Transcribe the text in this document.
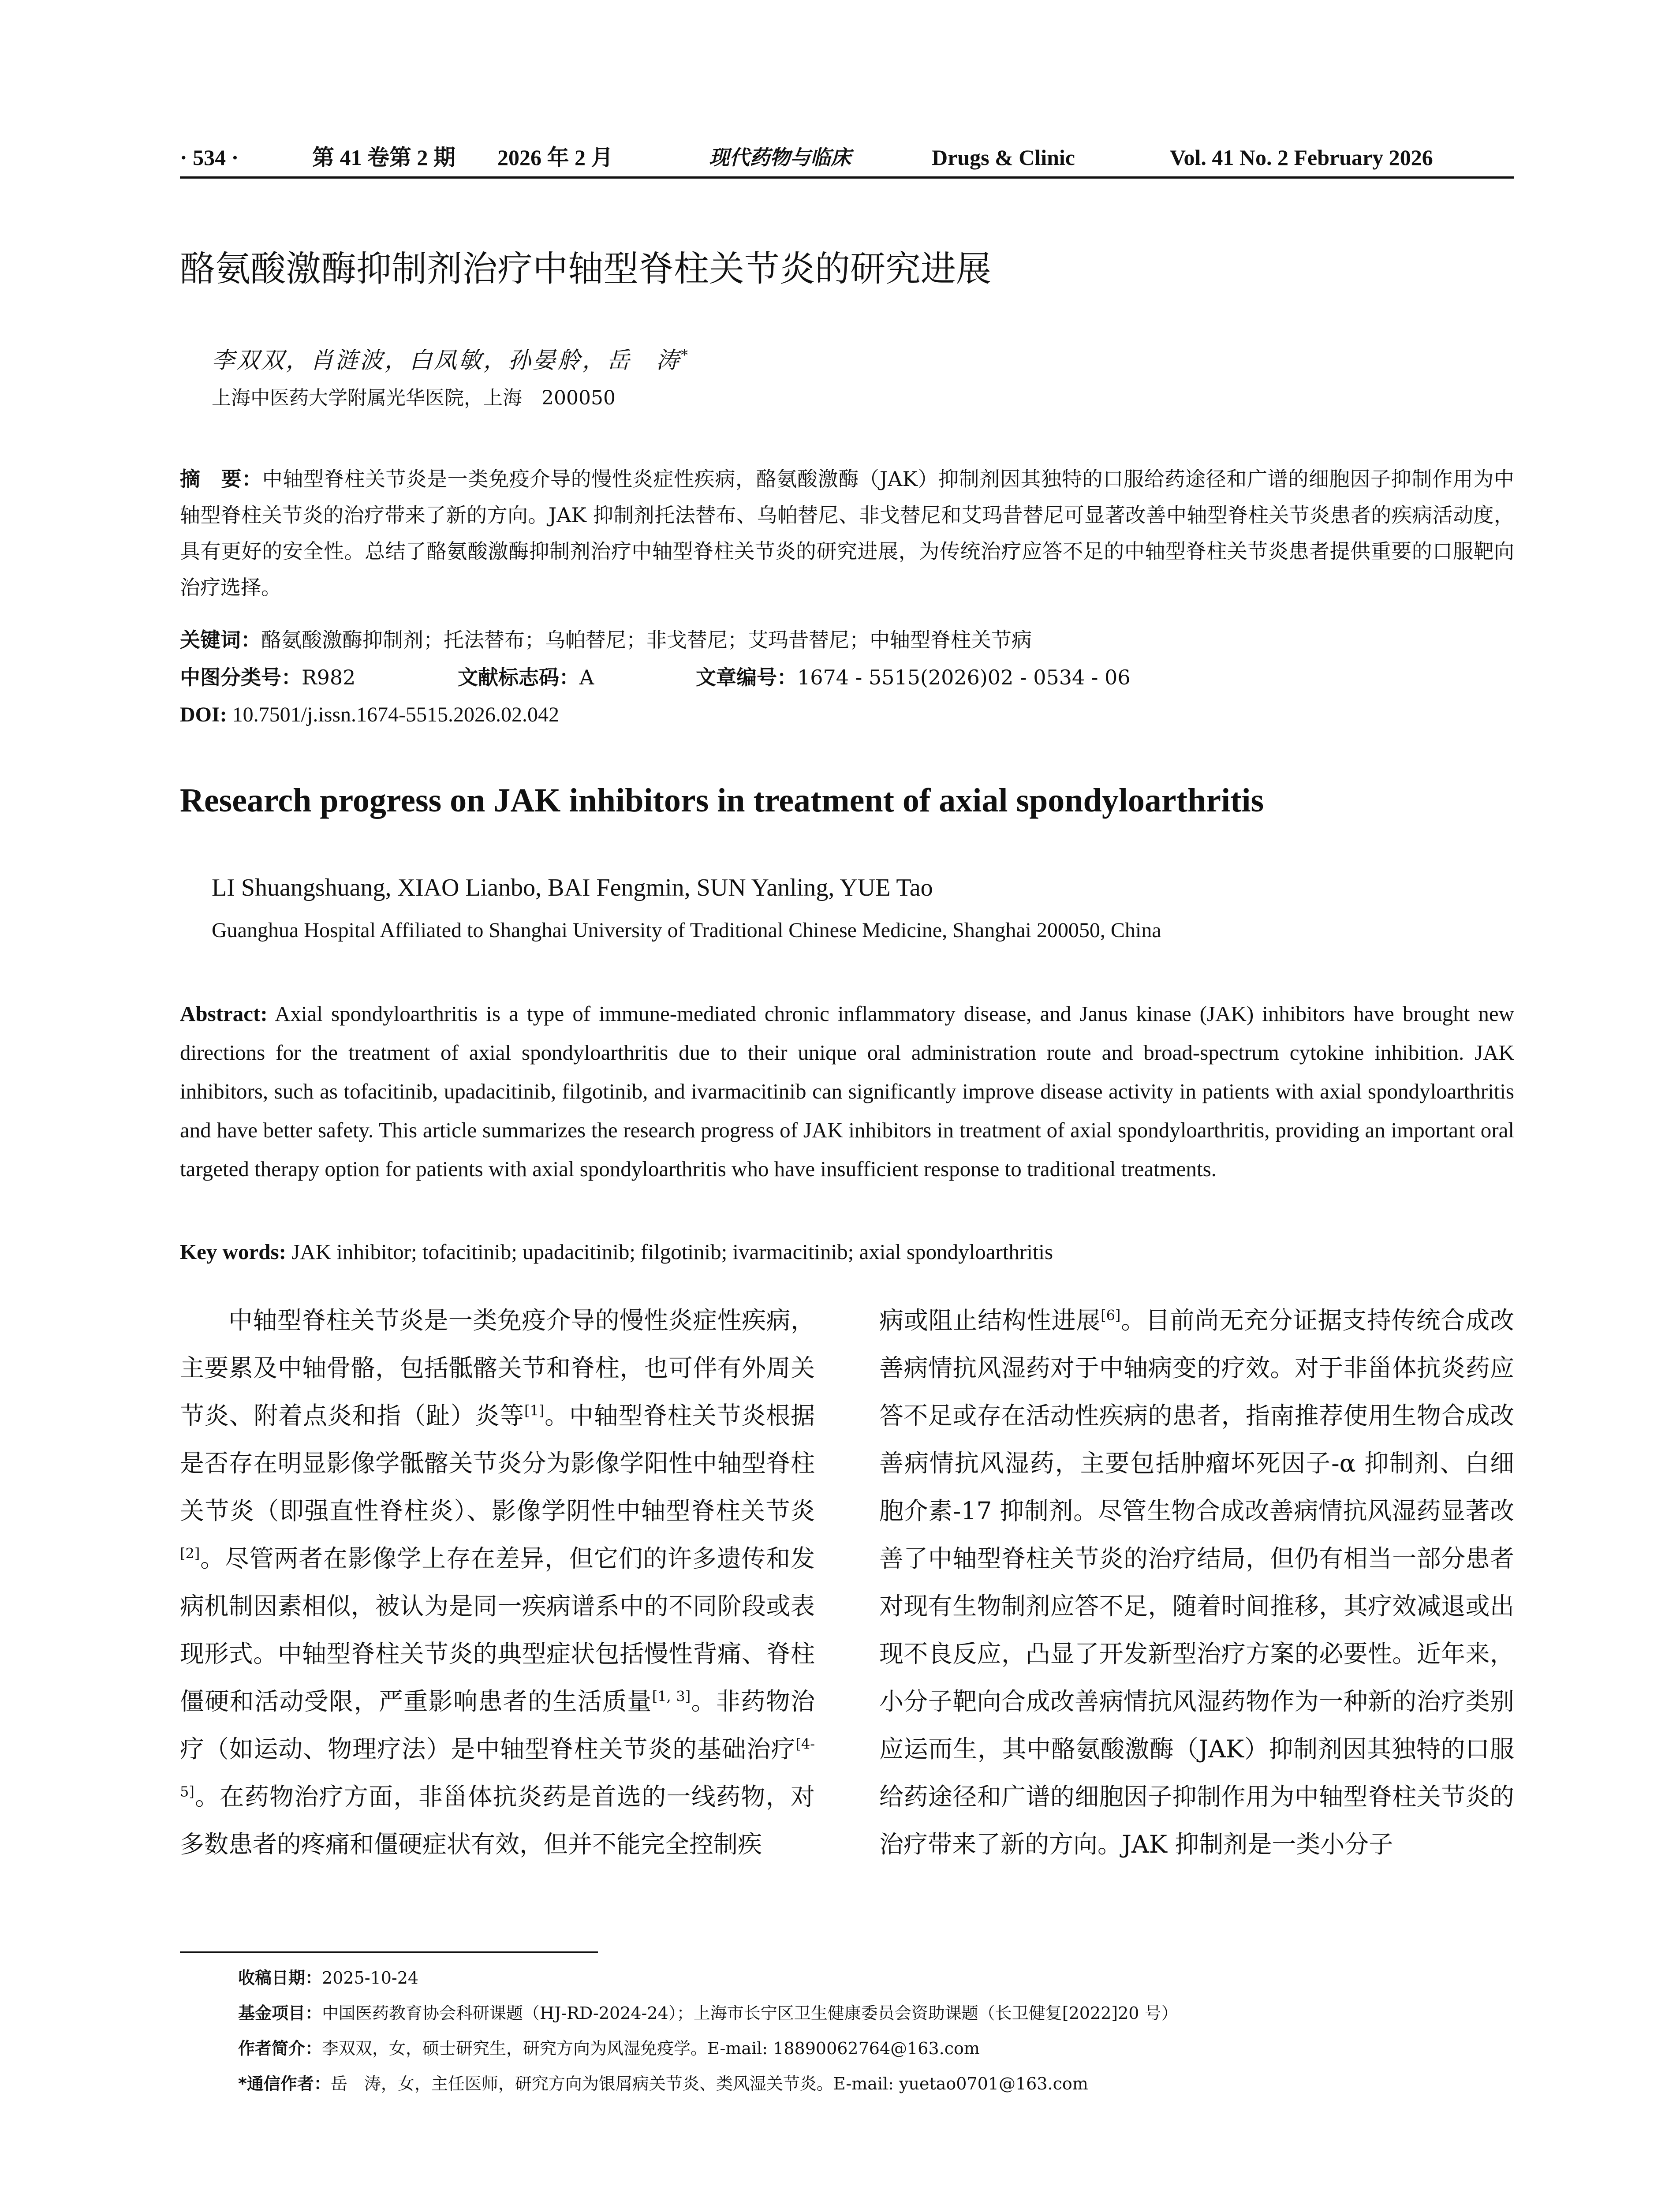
· 534 ·	第 41 卷第 2 期 2026 年 2 月	现代药物与临床	Drugs & Clinic	Vol. 41 No. 2 February 2026
酪氨酸激酶抑制剂治疗中轴型脊柱关节炎的研究进展
李双双，肖涟波，白凤敏，孙晏舲，岳　涛*
上海中医药大学附属光华医院，上海　200050
摘　要：中轴型脊柱关节炎是一类免疫介导的慢性炎症性疾病，酪氨酸激酶（JAK）抑制剂因其独特的口服给药途径和广谱的细胞因子抑制作用为中轴型脊柱关节炎的治疗带来了新的方向。JAK 抑制剂托法替布、乌帕替尼、非戈替尼和艾玛昔替尼可显著改善中轴型脊柱关节炎患者的疾病活动度，具有更好的安全性。总结了酪氨酸激酶抑制剂治疗中轴型脊柱关节炎的研究进展，为传统治疗应答不足的中轴型脊柱关节炎患者提供重要的口服靶向治疗选择。
关键词：酪氨酸激酶抑制剂；托法替布；乌帕替尼；非戈替尼；艾玛昔替尼；中轴型脊柱关节病
中图分类号：R982	文献标志码：A	文章编号：1674 - 5515(2026)02 - 0534 - 06
DOI: 10.7501/j.issn.1674-5515.2026.02.042
Research progress on JAK inhibitors in treatment of axial spondyloarthritis
LI Shuangshuang, XIAO Lianbo, BAI Fengmin, SUN Yanling, YUE Tao
Guanghua Hospital Affiliated to Shanghai University of Traditional Chinese Medicine, Shanghai 200050, China
Abstract: Axial spondyloarthritis is a type of immune-mediated chronic inflammatory disease, and Janus kinase (JAK) inhibitors have brought new directions for the treatment of axial spondyloarthritis due to their unique oral administration route and broad-spectrum cytokine inhibition. JAK inhibitors, such as tofacitinib, upadacitinib, filgotinib, and ivarmacitinib can significantly improve disease activity in patients with axial spondyloarthritis and have better safety. This article summarizes the research progress of JAK inhibitors in treatment of axial spondyloarthritis, providing an important oral targeted therapy option for patients with axial spondyloarthritis who have insufficient response to traditional treatments.
Key words: JAK inhibitor; tofacitinib; upadacitinib; filgotinib; ivarmacitinib; axial spondyloarthritis
中轴型脊柱关节炎是一类免疫介导的慢性炎症性疾病，主要累及中轴骨骼，包括骶髂关节和脊柱，也可伴有外周关节炎、附着点炎和指（趾）炎等[1]。中轴型脊柱关节炎根据是否存在明显影像学骶髂关节炎分为影像学阳性中轴型脊柱关节炎（即强直性脊柱炎）、影像学阴性中轴型脊柱关节炎[2]。尽管两者在影像学上存在差异，但它们的许多遗传和发病机制因素相似，被认为是同一疾病谱系中的不同阶段或表现形式。中轴型脊柱关节炎的典型症状包括慢性背痛、脊柱僵硬和活动受限，严重影响患者的生活质量[1, 3]。非药物治疗（如运动、物理疗法）是中轴型脊柱关节炎的基础治疗[4-5]。在药物治疗方面，非甾体抗炎药是首选的一线药物，对多数患者的疼痛和僵硬症状有效，但并不能完全控制疾
病或阻止结构性进展[6]。目前尚无充分证据支持传统合成改善病情抗风湿药对于中轴病变的疗效。对于非甾体抗炎药应答不足或存在活动性疾病的患者，指南推荐使用生物合成改善病情抗风湿药，主要包括肿瘤坏死因子-α 抑制剂、白细胞介素-17 抑制剂。尽管生物合成改善病情抗风湿药显著改善了中轴型脊柱关节炎的治疗结局，但仍有相当一部分患者对现有生物制剂应答不足，随着时间推移，其疗效减退或出现不良反应，凸显了开发新型治疗方案的必要性。近年来，小分子靶向合成改善病情抗风湿药物作为一种新的治疗类别应运而生，其中酪氨酸激酶（JAK）抑制剂因其独特的口服给药途径和广谱的细胞因子抑制作用为中轴型脊柱关节炎的治疗带来了新的方向。JAK 抑制剂是一类小分子
收稿日期：2025-10-24
基金项目：中国医药教育协会科研课题（HJ-RD-2024-24）；上海市长宁区卫生健康委员会资助课题（长卫健复[2022]20 号）
作者简介：李双双，女，硕士研究生，研究方向为风湿免疫学。E-mail: 18890062764@163.com
*通信作者：岳　涛，女，主任医师，研究方向为银屑病关节炎、类风湿关节炎。E-mail: yuetao0701@163.com
